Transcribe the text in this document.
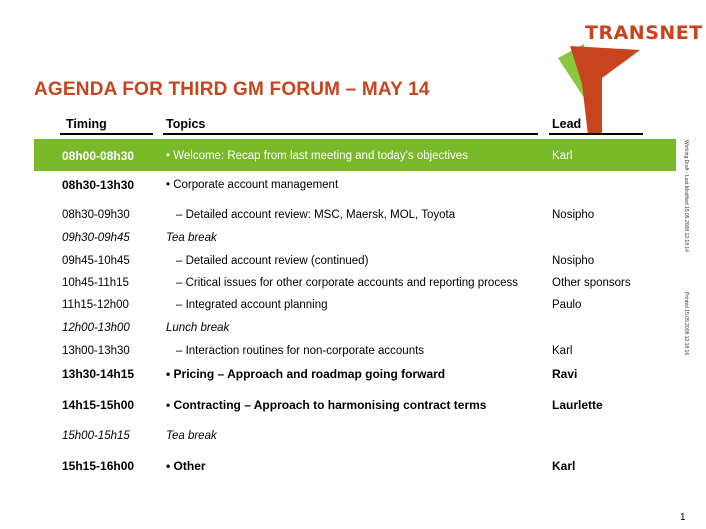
TRANSNET
AGENDA FOR THIRD GM FORUM – MAY 14
Timing	Topics	Lead
08h00-08h30	• Welcome: Recap from last meeting and today's objectives	Karl
08h30-13h30	• Corporate account management
08h30-09h30	– Detailed account review: MSC, Maersk, MOL, Toyota	Nosipho
09h30-09h45	Tea break
09h45-10h45	– Detailed account review (continued)	Nosipho
10h45-11h15	– Critical issues for other corporate accounts and reporting process	Other sponsors
11h15-12h00	– Integrated account planning	Paulo
12h00-13h00	Lunch break
13h00-13h30	– Interaction routines for non-corporate accounts	Karl
13h30-14h15	• Pricing – Approach and roadmap going forward	Ravi
14h15-15h00	• Contracting – Approach to harmonising contract terms	Laurlette
15h00-15h15	Tea break
15h15-16h00	• Other	Karl
Working Draft - Last Modified 15.05.2008 12:18:14
Printed 15.05.2008 12:18:16
1
